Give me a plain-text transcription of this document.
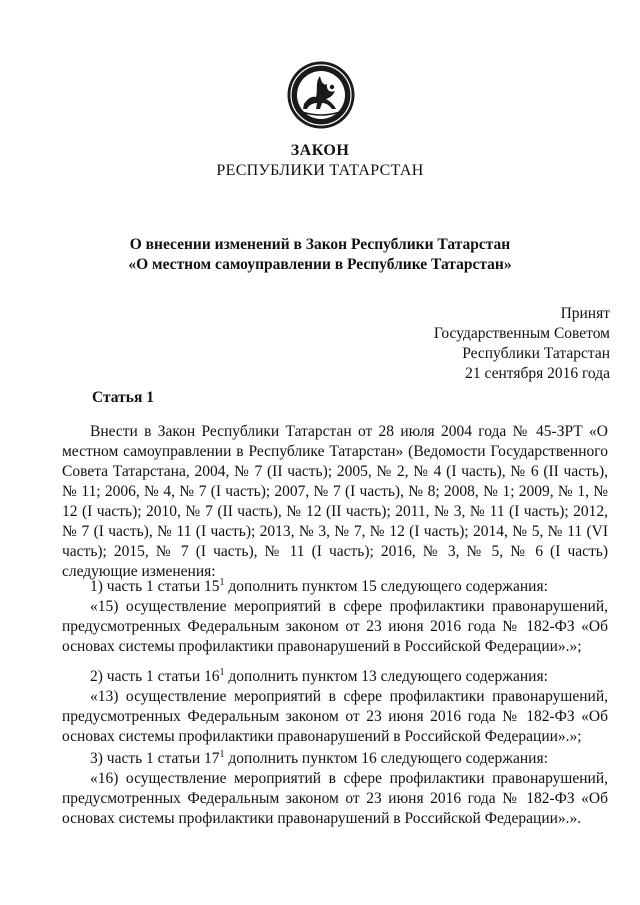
ЗАКОН
РЕСПУБЛИКИ ТАТАРСТАН
О внесении изменений в Закон Республики Татарстан
«О местном самоуправлении в Республике Татарстан»
Принят
Государственным Советом
Республики Татарстан
21 сентября 2016 года
Статья 1

Внести в Закон Республики Татарстан от 28 июля 2004 года № 45-ЗРТ «О местном самоуправлении в Республике Татарстан» (Ведомости Государственного Совета Татарстана, 2004, № 7 (II часть); 2005, № 2, № 4 (I часть), № 6 (II часть), № 11; 2006, № 4, № 7 (I часть); 2007, № 7 (I часть), № 8; 2008, № 1; 2009, № 1, № 12 (I часть); 2010, № 7 (II часть), № 12 (II часть); 2011, № 3, № 11 (I часть); 2012, № 7 (I часть), № 11 (I часть); 2013, № 3, № 7, № 12 (I часть); 2014, № 5, № 11 (VI часть); 2015, № 7 (I часть), № 11 (I часть); 2016, № 3, № 5, № 6 (I часть) следующие изменения:

1) часть 1 статьи $15^1$ дополнить пунктом 15 следующего содержания:

«15) осуществление мероприятий в сфере профилактики правонарушений, предусмотренных Федеральным законом от 23 июня 2016 года № 182-ФЗ «Об основах системы профилактики правонарушений в Российской Федерации».»;

2) часть 1 статьи $16^1$ дополнить пунктом 13 следующего содержания:

«13) осуществление мероприятий в сфере профилактики правонарушений, предусмотренных Федеральным законом от 23 июня 2016 года № 182-ФЗ «Об основах системы профилактики правонарушений в Российской Федерации».»;

3) часть 1 статьи $17^1$ дополнить пунктом 16 следующего содержания:

«16) осуществление мероприятий в сфере профилактики правонарушений, предусмотренных Федеральным законом от 23 июня 2016 года № 182-ФЗ «Об основах системы профилактики правонарушений в Российской Федерации».».
